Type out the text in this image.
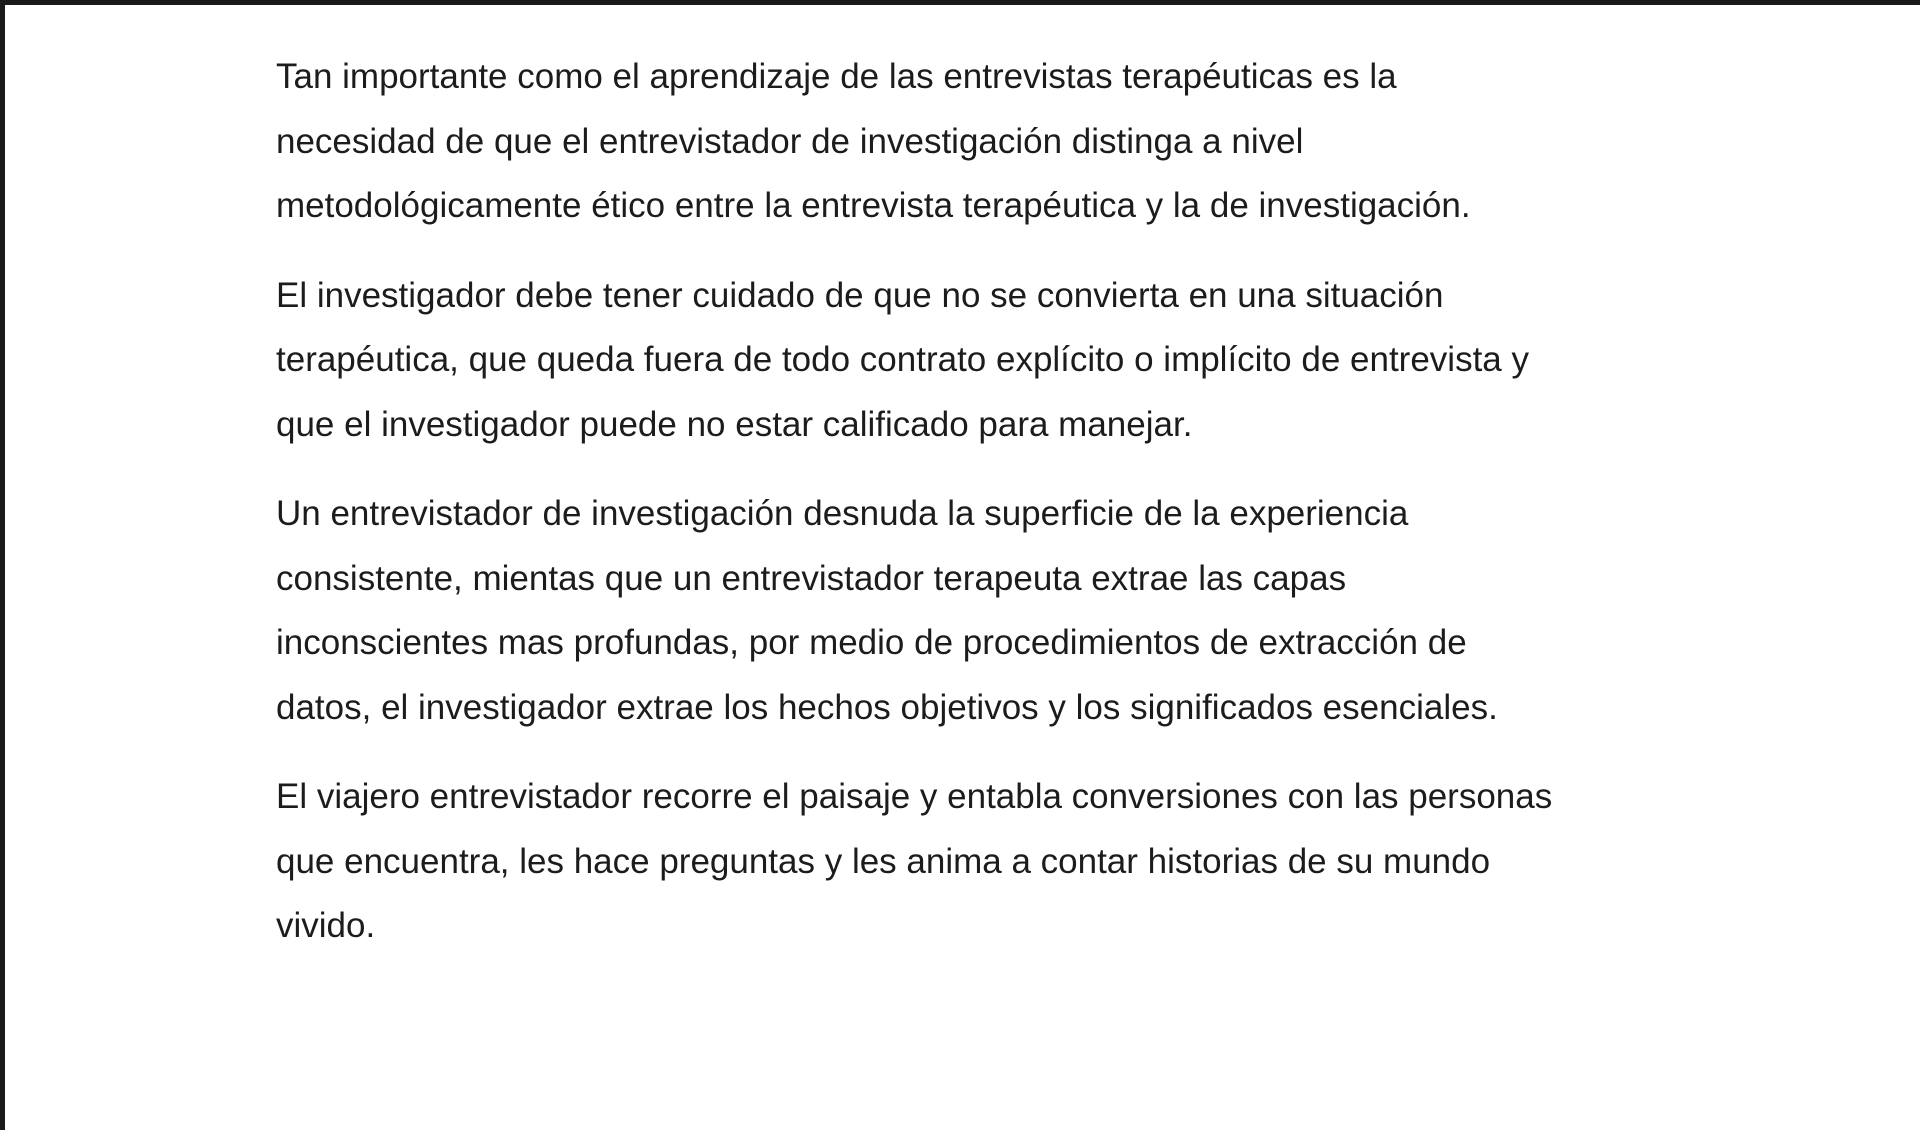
Tan importante como el aprendizaje de las entrevistas terapéuticas es la
necesidad de que el entrevistador de investigación distinga a nivel
metodológicamente ético entre la entrevista terapéutica y la de investigación.

El investigador debe tener cuidado de que no se convierta en una situación
terapéutica, que queda fuera de todo contrato explícito o implícito de entrevista y
que el investigador puede no estar calificado para manejar.

Un entrevistador de investigación desnuda la superficie de la experiencia
consistente, mientas que un entrevistador terapeuta extrae las capas
inconscientes mas profundas, por medio de procedimientos de extracción de
datos, el investigador extrae los hechos objetivos y los significados esenciales.

El viajero entrevistador recorre el paisaje y entabla conversiones con las personas
que encuentra, les hace preguntas y les anima a contar historias de su mundo
vivido.
